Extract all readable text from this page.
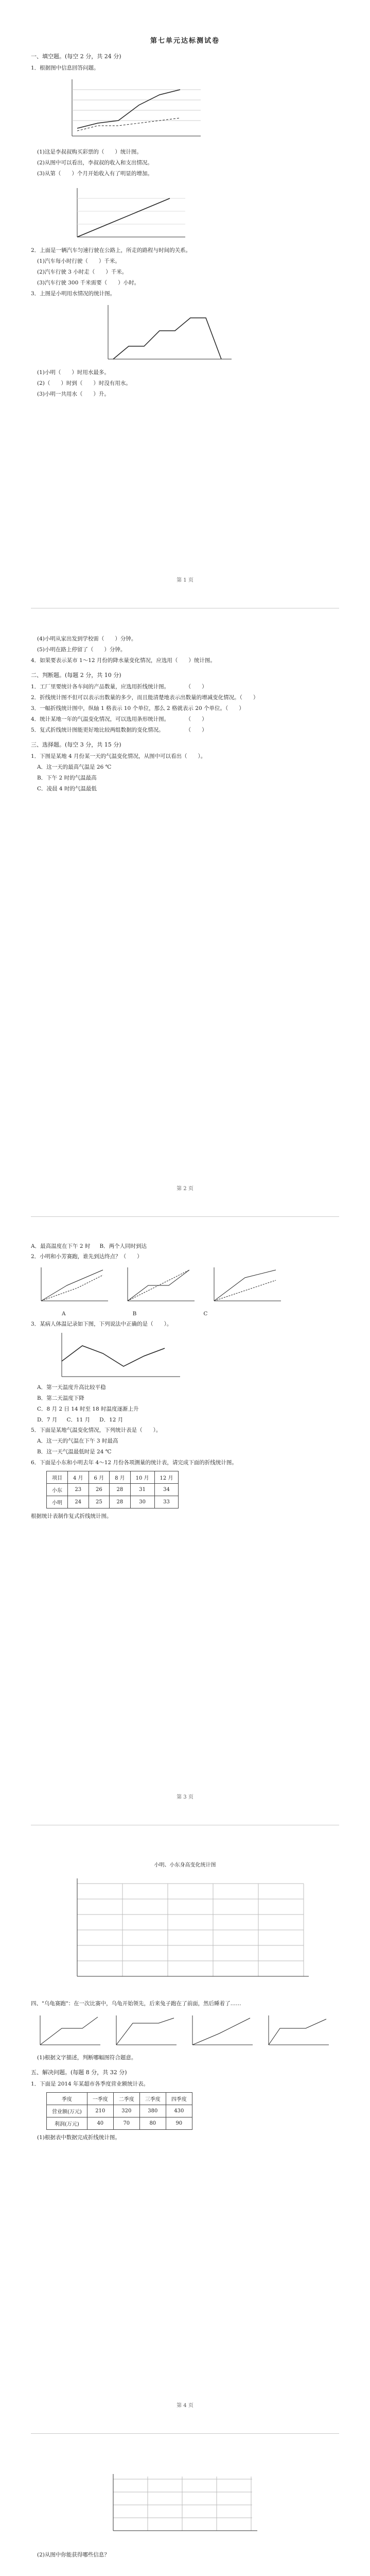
第七单元达标测试卷
一、填空题。(每空 2 分，共 24 分)
1．根据图中信息回答问题。
(1)这是李叔叔购买彩票的（　　）统计图。
(2)从图中可以看出，李叔叔的收入和支出情况。
(3)从第（　　）个月开始收入有了明显的增加。
2．上面是一辆汽车匀速行驶在公路上，所走的路程与时间的关系。
(1)汽车每小时行驶（　　）千米。
(2)汽车行驶 3 小时走（　　）千米。
(3)汽车行驶 300 千米需要（　　）小时。
3．上图是小明用水情况的统计图。
(1)小明（　　）时用水最多。
(2)（　　）时到（　　）时没有用水。
(3)小明一共用水（　　）升。
第 1 页
(4)小明从家出发到学校需（　　）分钟。
(5)小明在路上停留了（　　）分钟。
4．如果要表示某市 1～12 月份的降水量变化情况，应选用（　　）统计图。
二、判断题。(每题 2 分，共 10 分)
1．工厂里要统计各车间的产品数量，应选用折线统计图。　　　　（　　）
2．折线统计图不但可以表示出数量的多少，而且能清楚地表示出数量的增减变化情况。（　　）
3．一幅折线统计图中，纵轴 1 格表示 10 个单位，那么 2 格就表示 20 个单位。（　　）
4．统计某地一年的气温变化情况，可以选用条形统计图。　　　　（　　）
5．复式折线统计图能更好地比较两组数据的变化情况。　　　　　（　　）
三、选择题。(每空 3 分，共 15 分)
1．下图是某地 4 月份某一天的气温变化情况，从图中可以看出（　　）。
A．这一天的最高气温是 26 ℃
B．下午 2 时的气温最高
C．凌晨 4 时的气温最低
第 2 页
A．最高温度在下午 2 时 B．两个人同时到达
2．小明和小芳赛跑，谁先到达终点？（　　）
A	B	C
3．某病人体温记录如下图，下列说法中正确的是（　　）。
A．第一天温度升高比较平稳
B．第二天温度下降
C．8 月 2 日 14 时至 18 时温度逐渐上升
D．7 月 C．11 月 D．12 月
5．下面是某地气温变化情况，下列统计表是（　　）。
A．这一天的气温在下午 3 时最高
B．这一天气温最低时是 24 ℃
6．下面是小东和小明去年 4～12 月份各项测量的统计表，请完成下面的折线统计图。
项目	4 月	6 月	8 月	10 月	12 月
小东	23	26	28	31	34
小明	24	25	28	30	33
根据统计表制作复式折线统计图。
第 3 页
小明、小东身高变化统计图
四、"乌龟赛跑"：在一次比赛中，乌龟开始领先，后来兔子跑在了前面，然后睡着了……
(1)根据文字描述，判断哪幅图符合题意。
五、解决问题。(每题 8 分，共 32 分)
1．下面是 2014 年某超市各季度营业额统计表。
季度	一季度	二季度	三季度	四季度
营业额(万元)	210	320	380	430
利润(万元)	40	70	80	90
(1)根据表中数据完成折线统计图。
第 4 页
(2)从图中你能获得哪些信息？
